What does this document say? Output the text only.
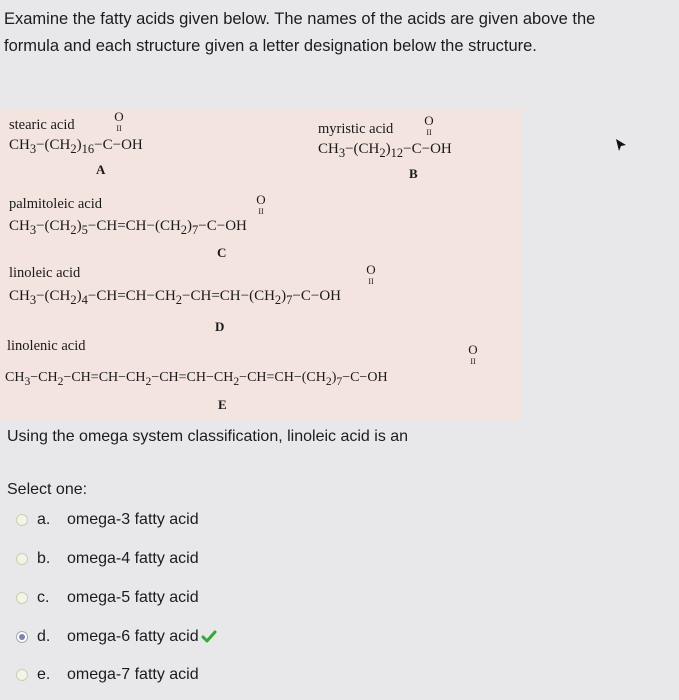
Examine the fatty acids given below. The names of the acids are given above the
formula and each structure given a letter designation below the structure.
stearic acid
$CH_3-(CH_2)_{16}-C-OH$
O
II
A
myristic acid
$CH_3-(CH_2)_{12}-C-OH$
O
II
B
palmitoleic acid
$CH_3-(CH_2)_5-CH=CH-(CH_2)_7-C-OH$
O
II
C
linoleic acid
$CH_3-(CH_2)_4-CH=CH-CH_2-CH=CH-(CH_2)_7-C-OH$
O
II
D
linolenic acid
$CH_3-CH_2-CH=CH-CH_2-CH=CH-CH_2-CH=CH-(CH_2)_7-C-OH$
O
II
E
Using the omega system classification, linoleic acid is an
Select one:
a.	omega-3 fatty acid
b.	omega-4 fatty acid
c.	omega-5 fatty acid
d.	omega-6 fatty acid
e.	omega-7 fatty acid
